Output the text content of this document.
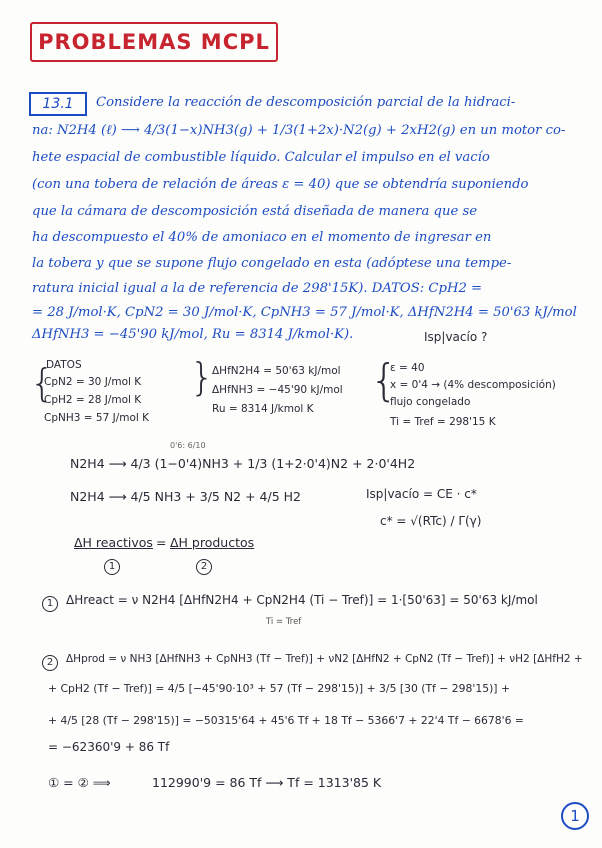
PROBLEMAS MCPL
13.1	Considere la reacción de descomposición parcial de la hidraci-
na: N2H4 (ℓ) ⟶ 4/3(1−x)NH3(g) + 1/3(1+2x)·N2(g) + 2xH2(g) en un motor co-
hete espacial de combustible líquido. Calcular el impulso en el vacío
(con una tobera de relación de áreas ε = 40) que se obtendría suponiendo
que la cámara de descomposición está diseñada de manera que se
ha descompuesto el 40% de amoniaco en el momento de ingresar en
la tobera y que se supone flujo congelado en esta (adóptese una tempe-
ratura inicial igual a la de referencia de 298'15K). DATOS: CpH2 =
= 28 J/mol·K, CpN2 = 30 J/mol·K, CpNH3 = 57 J/mol·K, ΔHfN2H4 = 50'63 kJ/mol
ΔHfNH3 = −45'90 kJ/mol, Ru = 8314 J/kmol·K).	Isp|vacío ?
DATOS
{
CpN2 = 30 J/mol K
CpH2 = 28 J/mol K
CpNH3 = 57 J/mol K
}
ΔHfN2H4 = 50'63 kJ/mol
ΔHfNH3 = −45'90 kJ/mol
Ru = 8314 J/kmol K
{
ε = 40
x = 0'4 → (4% descomposición)
flujo congelado
Ti = Tref = 298'15 K
0'6: 6/10
N2H4 ⟶ 4/3 (1−0'4)NH3 + 1/3 (1+2·0'4)N2 + 2·0'4H2
N2H4 ⟶ 4/5 NH3 + 3/5 N2 + 4/5 H2	Isp|vacío = CE · c*
c* = √(RTc) / Γ(γ)
ΔH reactivos = ΔH productos
1	2
1	ΔHreact = ν N2H4 [ΔHfN2H4 + CpN2H4 (Ti − Tref)] = 1·[50'63] = 50'63 kJ/mol
Ti = Tref
2	ΔHprod = ν NH3 [ΔHfNH3 + CpNH3 (Tf − Tref)] + νN2 [ΔHfN2 + CpN2 (Tf − Tref)] + νH2 [ΔHfH2 +
+ CpH2 (Tf − Tref)] = 4/5 [−45'90·10³ + 57 (Tf − 298'15)] + 3/5 [30 (Tf − 298'15)] +
+ 4/5 [28 (Tf − 298'15)] = −50315'64 + 45'6 Tf + 18 Tf − 5366'7 + 22'4 Tf − 6678'6 =
= −62360'9 + 86 Tf
① = ② ⟹	112990'9 = 86 Tf ⟶ Tf = 1313'85 K
1
